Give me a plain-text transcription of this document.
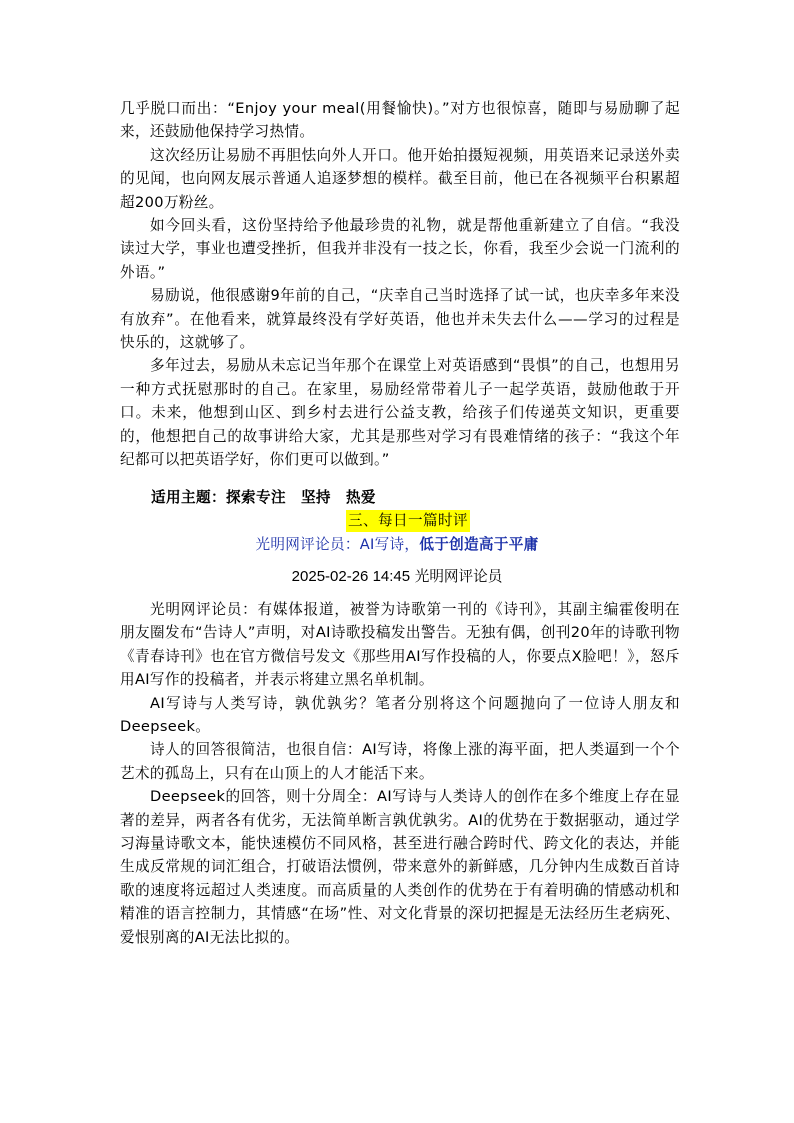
几乎脱口而出：“Enjoy your meal(用餐愉快)。”对方也很惊喜，随即与易励聊了起来，还鼓励他保持学习热情。

这次经历让易励不再胆怯向外人开口。他开始拍摄短视频，用英语来记录送外卖的见闻，也向网友展示普通人追逐梦想的模样。截至目前，他已在各视频平台积累超超200万粉丝。

如今回头看，这份坚持给予他最珍贵的礼物，就是帮他重新建立了自信。“我没读过大学，事业也遭受挫折，但我并非没有一技之长，你看，我至少会说一门流利的外语。”

易励说，他很感谢9年前的自己，“庆幸自己当时选择了试一试，也庆幸多年来没有放弃”。在他看来，就算最终没有学好英语，他也并未失去什么——学习的过程是快乐的，这就够了。

多年过去，易励从未忘记当年那个在课堂上对英语感到“畏惧”的自己，也想用另一种方式抚慰那时的自己。在家里，易励经常带着儿子一起学英语，鼓励他敢于开口。未来，他想到山区、到乡村去进行公益支教，给孩子们传递英文知识，更重要的，他想把自己的故事讲给大家，尤其是那些对学习有畏难情绪的孩子：“我这个年纪都可以把英语学好，你们更可以做到。”

适用主题：探索专注　坚持　热爱
三、每日一篇时评
光明网评论员：AI写诗，低于创造高于平庸
2025-02-26 14:45 光明网评论员

光明网评论员：有媒体报道，被誉为诗歌第一刊的《诗刊》，其副主编霍俊明在朋友圈发布“告诗人”声明，对AI诗歌投稿发出警告。无独有偶，创刊20年的诗歌刊物《青春诗刊》也在官方微信号发文《那些用AI写作投稿的人，你要点X脸吧！》，怒斥用AI写作的投稿者，并表示将建立黑名单机制。

AI写诗与人类写诗，孰优孰劣？笔者分别将这个问题抛向了一位诗人朋友和Deepseek。

诗人的回答很简洁，也很自信：AI写诗，将像上涨的海平面，把人类逼到一个个艺术的孤岛上，只有在山顶上的人才能活下来。

Deepseek的回答，则十分周全：AI写诗与人类诗人的创作在多个维度上存在显著的差异，两者各有优劣，无法简单断言孰优孰劣。AI的优势在于数据驱动，通过学习海量诗歌文本，能快速模仿不同风格，甚至进行融合跨时代、跨文化的表达，并能生成反常规的词汇组合，打破语法惯例，带来意外的新鲜感，几分钟内生成数百首诗歌的速度将远超过人类速度。而高质量的人类创作的优势在于有着明确的情感动机和精准的语言控制力，其情感“在场”性、对文化背景的深切把握是无法经历生老病死、爱恨别离的AI无法比拟的。
